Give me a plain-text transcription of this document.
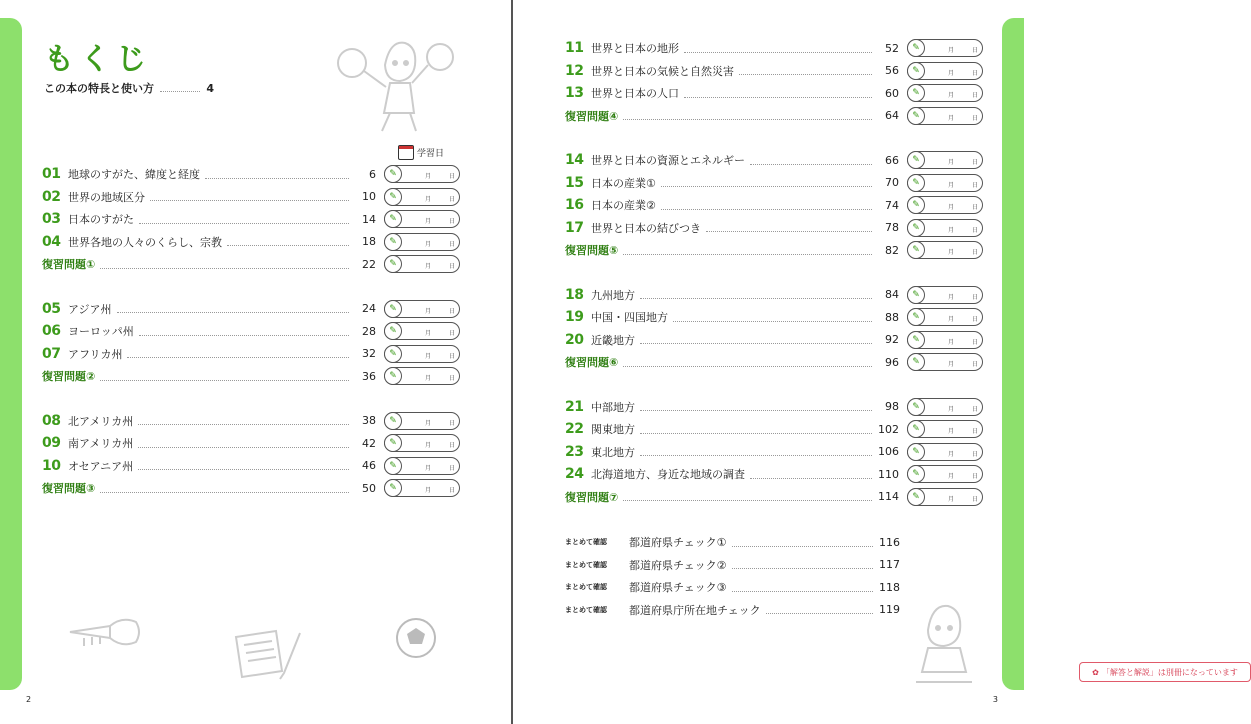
もくじ
この本の特長と使い方	4
学習日
01 地球のすがた、緯度と経度	6	✎	月	日
02 世界の地域区分	10	✎	月	日
03 日本のすがた	14	✎	月	日
04 世界各地の人々のくらし、宗教	18	✎	月	日
復習問題①	22	✎	月	日
05 アジア州	24	✎	月	日
06 ヨーロッパ州	28	✎	月	日
07 アフリカ州	32	✎	月	日
復習問題②	36	✎	月	日
08 北アメリカ州	38	✎	月	日
09 南アメリカ州	42	✎	月	日
10 オセアニア州	46	✎	月	日
復習問題③	50	✎	月	日
2
11 世界と日本の地形	52	✎	月	日
12 世界と日本の気候と自然災害	56	✎	月	日
13 世界と日本の人口	60	✎	月	日
復習問題④	64	✎	月	日
14 世界と日本の資源とエネルギー	66	✎	月	日
15 日本の産業①	70	✎	月	日
16 日本の産業②	74	✎	月	日
17 世界と日本の結びつき	78	✎	月	日
復習問題⑤	82	✎	月	日
18 九州地方	84	✎	月	日
19 中国・四国地方	88	✎	月	日
20 近畿地方	92	✎	月	日
復習問題⑥	96	✎	月	日
21 中部地方	98	✎	月	日
22 関東地方	102	✎	月	日
23 東北地方	106	✎	月	日
24 北海道地方、身近な地域の調査	110	✎	月	日
復習問題⑦	114	✎	月	日
まとめて確認	都道府県チェック①	116
まとめて確認	都道府県チェック②	117
まとめて確認	都道府県チェック③	118
まとめて確認	都道府県庁所在地チェック	119
✿ 「解答と解説」は別冊になっています
3
